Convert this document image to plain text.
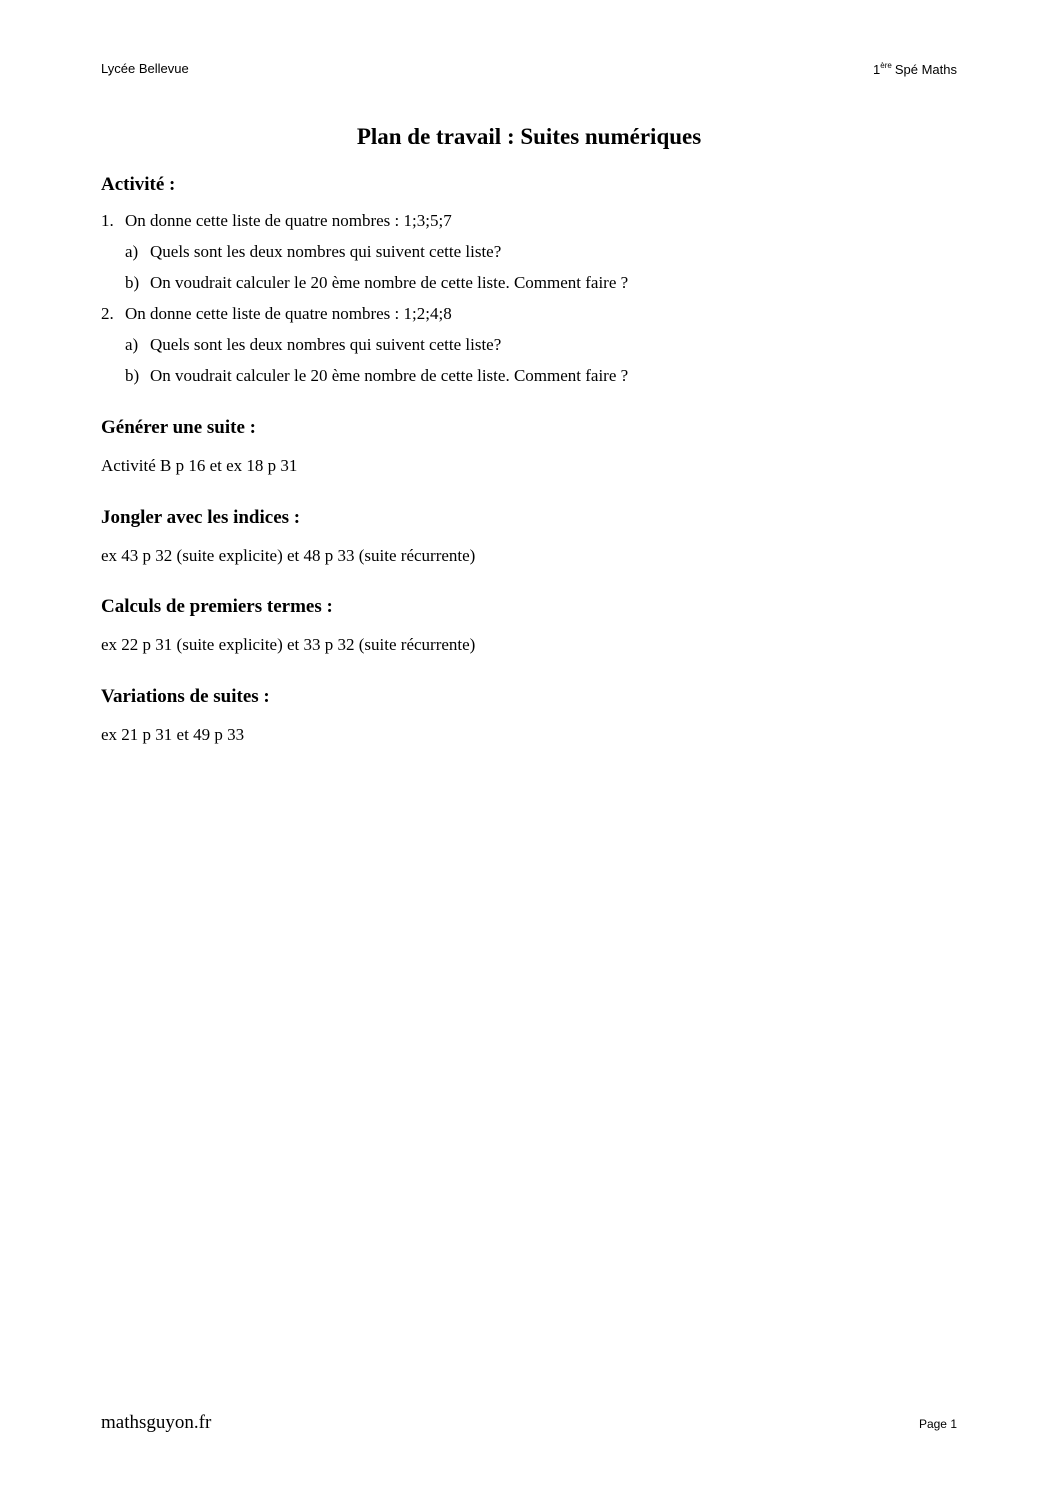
Lycée Bellevue	1ère Spé Maths
Plan de travail : Suites numériques
Activité :
1. On donne cette liste de quatre nombres : 1;3;5;7
a) Quels sont les deux nombres qui suivent cette liste?
b) On voudrait calculer le 20 ème nombre de cette liste. Comment faire ?
2. On donne cette liste de quatre nombres : 1;2;4;8
a) Quels sont les deux nombres qui suivent cette liste?
b) On voudrait calculer le 20 ème nombre de cette liste. Comment faire ?
Générer une suite :
Activité B p 16 et ex 18 p 31
Jongler avec les indices :
ex 43 p 32 (suite explicite) et 48 p 33 (suite récurrente)
Calculs de premiers termes :
ex 22 p 31 (suite explicite) et 33 p 32 (suite récurrente)
Variations de suites :
ex 21 p 31 et 49 p 33
mathsguyon.fr	Page 1
